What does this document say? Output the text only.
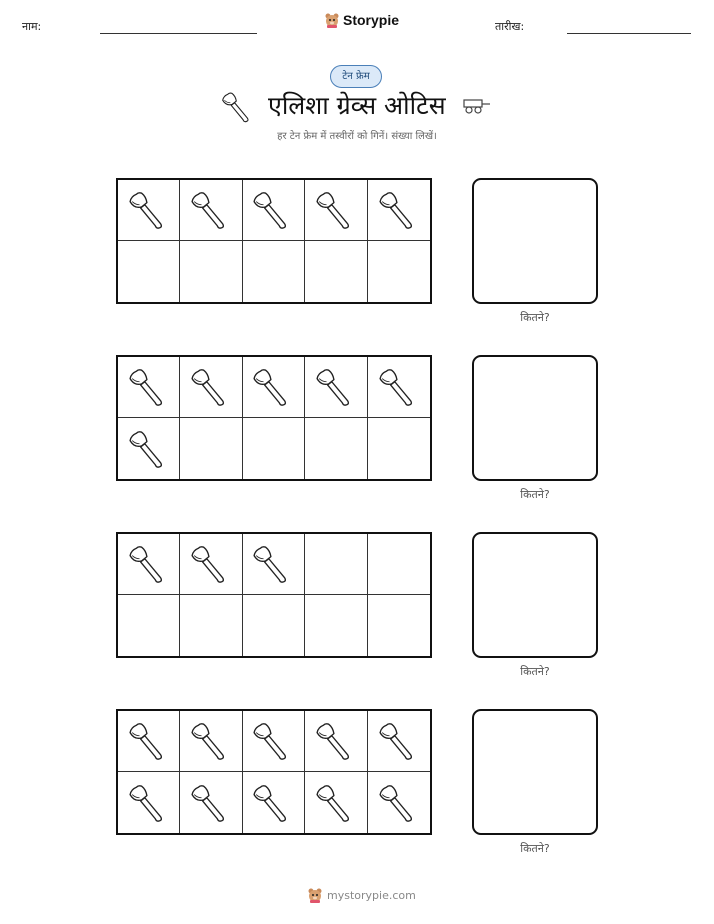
नाम:	Storypie	तारीख:
टेन फ्रेम
एलिशा ग्रेव्स ओटिस
हर टेन फ्रेम में तस्वीरों को गिनें। संख्या लिखें।
कितने?
कितने?
कितने?
कितने?
mystorypie.com
